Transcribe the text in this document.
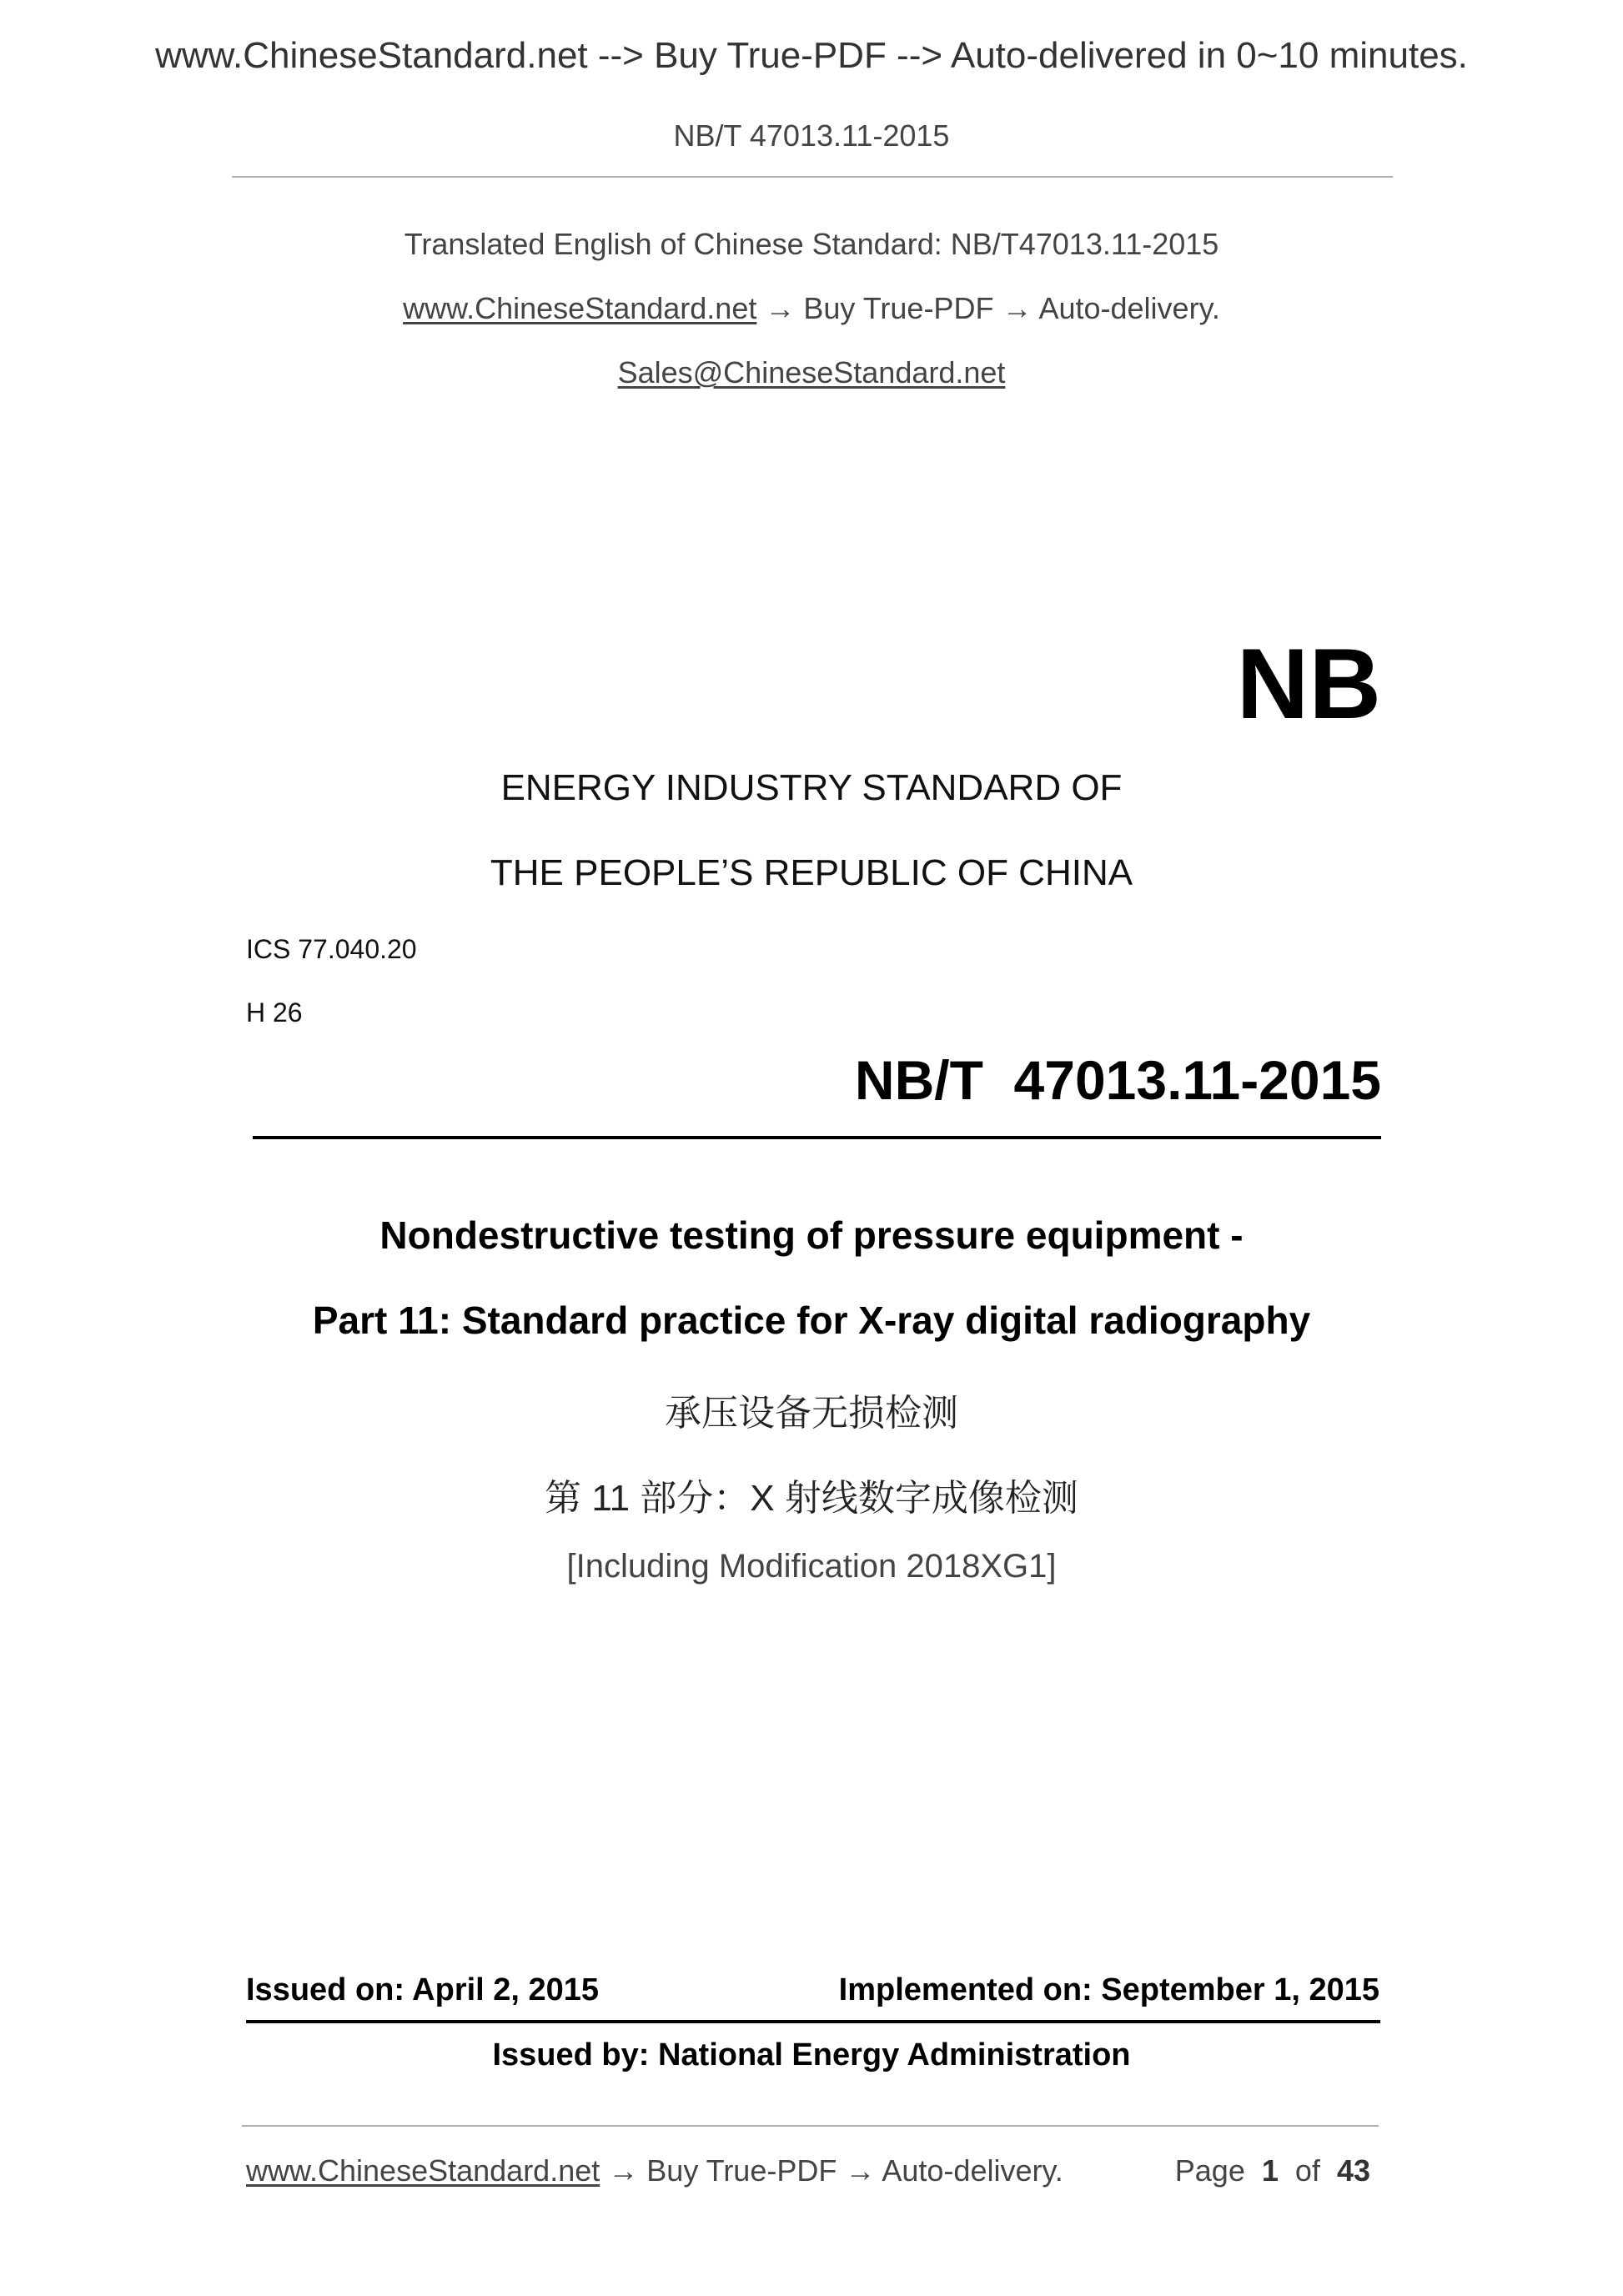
www.ChineseStandard.net --> Buy True-PDF --> Auto-delivered in 0~10 minutes.
NB/T 47013.11-2015
Translated English of Chinese Standard: NB/T47013.11-2015
www.ChineseStandard.net → Buy True-PDF → Auto-delivery.
Sales@ChineseStandard.net
NB
ENERGY INDUSTRY STANDARD OF
THE PEOPLE’S REPUBLIC OF CHINA
ICS 77.040.20
H 26
NB/T  47013.11-2015
Nondestructive testing of pressure equipment -
Part 11: Standard practice for X-ray digital radiography
承压设备无损检测
第 11 部分：X 射线数字成像检测
[Including Modification 2018XG1]
Issued on: April 2, 2015	Implemented on: September 1, 2015
Issued by: National Energy Administration
www.ChineseStandard.net → Buy True-PDF → Auto-delivery.	Page 1 of 43
